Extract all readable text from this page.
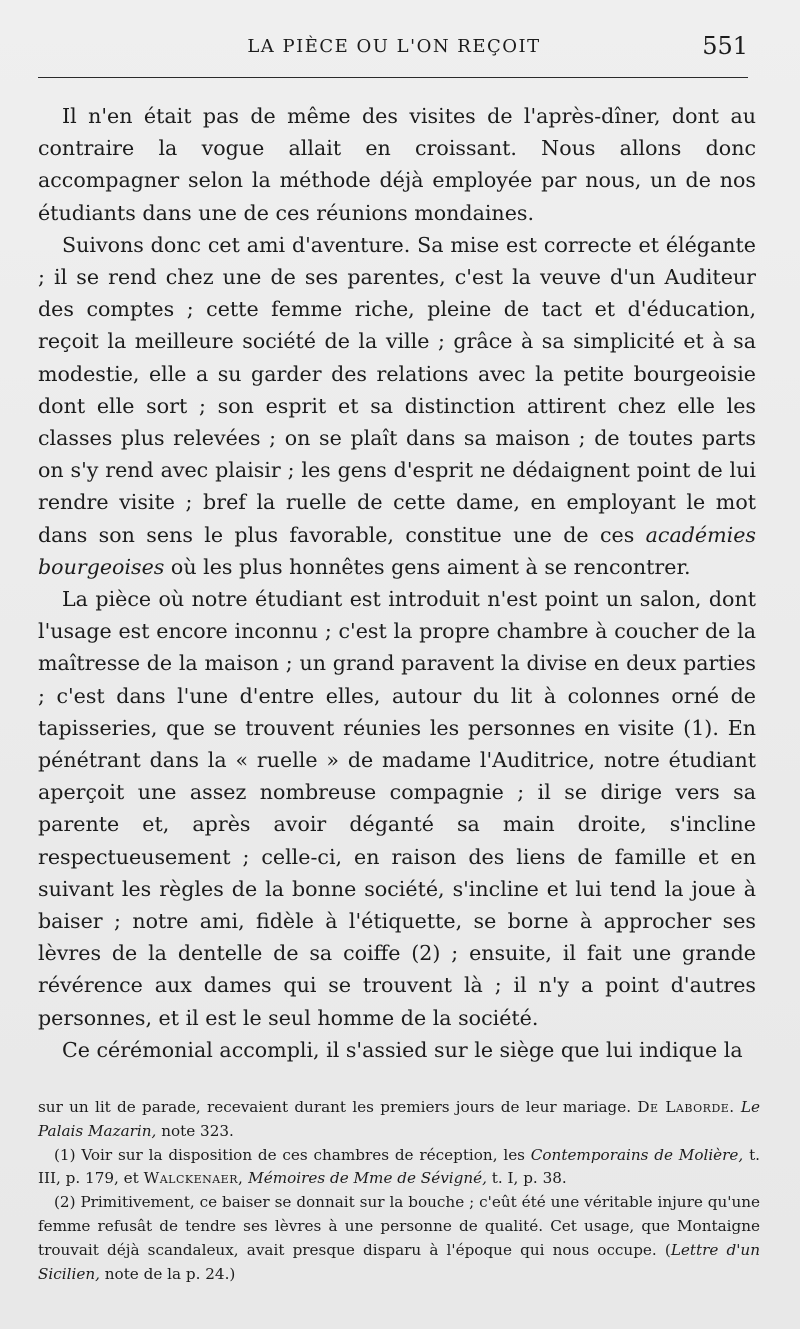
LA PIÈCE OU L'ON REÇOIT	551

Il n'en était pas de même des visites de l'après-dîner, dont au contraire la vogue allait en croissant. Nous allons donc accompagner selon la méthode déjà employée par nous, un de nos étudiants dans une de ces réunions mondaines.

Suivons donc cet ami d'aventure. Sa mise est correcte et élégante ; il se rend chez une de ses parentes, c'est la veuve d'un Auditeur des comptes ; cette femme riche, pleine de tact et d'éducation, reçoit la meilleure société de la ville ; grâce à sa simplicité et à sa modestie, elle a su garder des relations avec la petite bourgeoisie dont elle sort ; son esprit et sa distinction attirent chez elle les classes plus relevées ; on se plaît dans sa maison ; de toutes parts on s'y rend avec plaisir ; les gens d'esprit ne dédaignent point de lui rendre visite ; bref la ruelle de cette dame, en employant le mot dans son sens le plus favorable, constitue une de ces académies bourgeoises où les plus honnêtes gens aiment à se rencontrer.

La pièce où notre étudiant est introduit n'est point un salon, dont l'usage est encore inconnu ; c'est la propre chambre à coucher de la maîtresse de la maison ; un grand paravent la divise en deux parties ; c'est dans l'une d'entre elles, autour du lit à colonnes orné de tapisseries, que se trouvent réunies les personnes en visite (1). En pénétrant dans la « ruelle » de madame l'Auditrice, notre étudiant aperçoit une assez nombreuse compagnie ; il se dirige vers sa parente et, après avoir déganté sa main droite, s'incline respectueusement ; celle-ci, en raison des liens de famille et en suivant les règles de la bonne société, s'incline et lui tend la joue à baiser ; notre ami, fidèle à l'étiquette, se borne à approcher ses lèvres de la dentelle de sa coiffe (2) ; ensuite, il fait une grande révérence aux dames qui se trouvent là ; il n'y a point d'autres personnes, et il est le seul homme de la société.

Ce cérémonial accompli, il s'assied sur le siège que lui indique la

sur un lit de parade, recevaient durant les premiers jours de leur mariage. De Laborde. Le Palais Mazarin, note 323.

(1) Voir sur la disposition de ces chambres de réception, les Contemporains de Molière, t. III, p. 179, et Walckenaer, Mémoires de Mme de Sévigné, t. I, p. 38.

(2) Primitivement, ce baiser se donnait sur la bouche ; c'eût été une véritable injure qu'une femme refusât de tendre ses lèvres à une personne de qualité. Cet usage, que Montaigne trouvait déjà scandaleux, avait presque disparu à l'époque qui nous occupe. (Lettre d'un Sicilien, note de la p. 24.)
